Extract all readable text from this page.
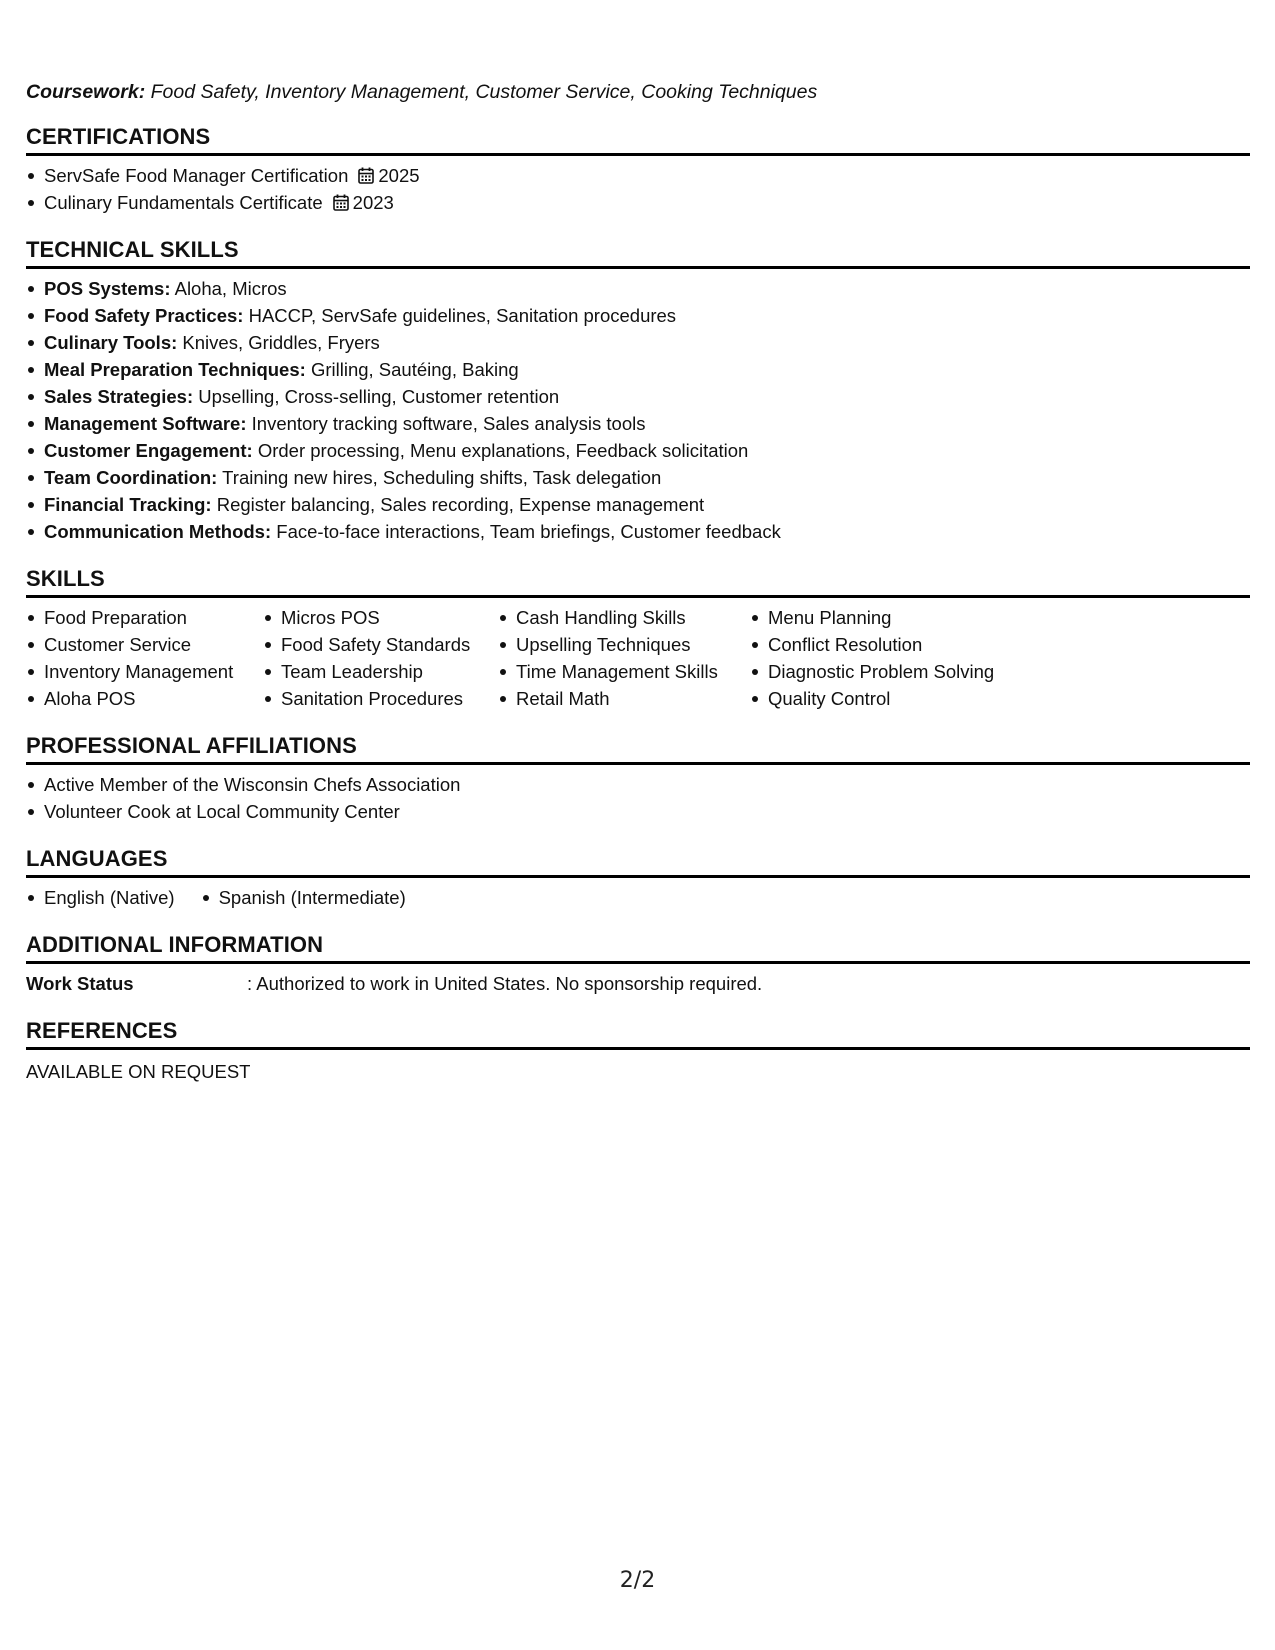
Coursework: Food Safety, Inventory Management, Customer Service, Cooking Techniques
CERTIFICATIONS
ServSafe Food Manager Certification 2025
Culinary Fundamentals Certificate 2023
TECHNICAL SKILLS
POS Systems: Aloha, Micros
Food Safety Practices: HACCP, ServSafe guidelines, Sanitation procedures
Culinary Tools: Knives, Griddles, Fryers
Meal Preparation Techniques: Grilling, Sautéing, Baking
Sales Strategies: Upselling, Cross-selling, Customer retention
Management Software: Inventory tracking software, Sales analysis tools
Customer Engagement: Order processing, Menu explanations, Feedback solicitation
Team Coordination: Training new hires, Scheduling shifts, Task delegation
Financial Tracking: Register balancing, Sales recording, Expense management
Communication Methods: Face-to-face interactions, Team briefings, Customer feedback
SKILLS
Food Preparation
Customer Service
Inventory Management
Aloha POS
Micros POS
Food Safety Standards
Team Leadership
Sanitation Procedures
Cash Handling Skills
Upselling Techniques
Time Management Skills
Retail Math
Menu Planning
Conflict Resolution
Diagnostic Problem Solving
Quality Control
PROFESSIONAL AFFILIATIONS
Active Member of the Wisconsin Chefs Association
Volunteer Cook at Local Community Center
LANGUAGES
English (Native)	Spanish (Intermediate)
ADDITIONAL INFORMATION
Work Status	: Authorized to work in United States. No sponsorship required.
REFERENCES
AVAILABLE ON REQUEST
2/2
